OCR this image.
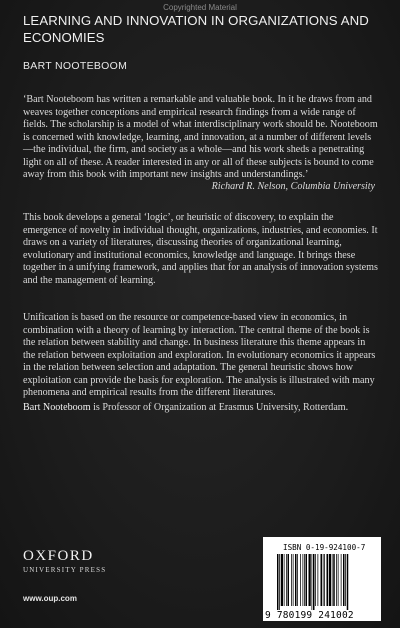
Copyrighted Material
LEARNING AND INNOVATION IN ORGANIZATIONS AND ECONOMIES
BART NOOTEBOOM

‘Bart Nooteboom has written a remarkable and valuable book. In it he draws from and weaves together conceptions and empirical research findings from a wide range of fields. The scholarship is a model of what interdisciplinary work should be. Nooteboom is concerned with knowledge, learning, and innovation, at a number of different levels—the individual, the firm, and society as a whole—and his work sheds a penetrating light on all of these. A reader interested in any or all of these subjects is bound to come away from this book with important new insights and understandings.’

Richard R. Nelson, Columbia University

This book develops a general ‘logic’, or heuristic of discovery, to explain the emergence of novelty in individual thought, organizations, industries, and economies. It draws on a variety of literatures, discussing theories of organizational learning, evolutionary and institutional economics, knowledge and language. It brings these together in a unifying framework, and applies that for an analysis of innovation systems and the management of learning.

Unification is based on the resource or competence-based view in economics, in combination with a theory of learning by interaction. The central theme of the book is the relation between stability and change. In business literature this theme appears in the relation between exploitation and exploration. In evolutionary economics it appears in the relation between selection and adaptation. The general heuristic shows how exploitation can provide the basis for exploration. The analysis is illustrated with many phenomena and empirical results from the different literatures.

Bart Nooteboom is Professor of Organization at Erasmus University, Rotterdam.

OXFORD
UNIVERSITY PRESS
www.oup.com
ISBN 0-19-924100-7
9 780199 241002
